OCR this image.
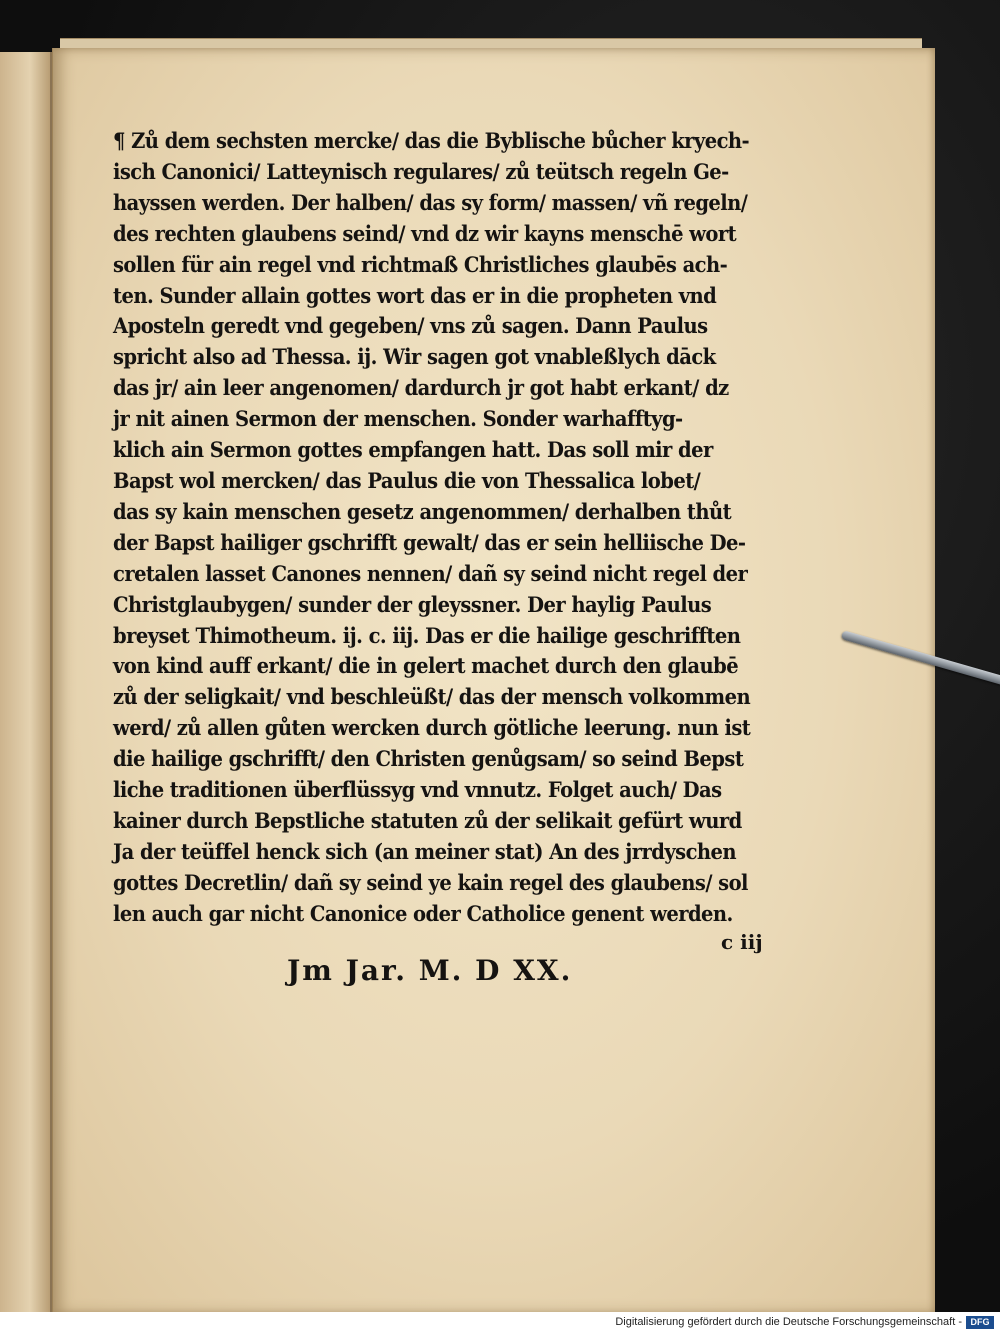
¶ Zů dem sechsten mercke/ das die Byblische bůcher kryech-
isch Canonici/ Latteynisch regulares/ zů teütsch regeln Ge-
hayssen werden. Der halben/ das sy form/ massen/ vñ regeln/
des rechten glaubens seind/ vnd dz wir kayns menschē wort
sollen für ain regel vnd richtmaß Christliches glaubēs ach-
ten. Sunder allain gottes wort das er in die propheten vnd
Aposteln geredt vnd gegeben/ vns zů sagen. Dann Paulus
spricht also ad Thessa. ij. Wir sagen got vnableßlych dāck
das jr/ ain leer angenomen/ dardurch jr got habt erkant/ dz
jr nit ainen Sermon der menschen. Sonder warhafftyg-
klich ain Sermon gottes empfangen hatt. Das soll mir der
Bapst wol mercken/ das Paulus die von Thessalica lobet/
das sy kain menschen gesetz angenommen/ derhalben thůt
der Bapst hailiger gschrifft gewalt/ das er sein helliische De-
cretalen lasset Canones nennen/ dañ sy seind nicht regel der
Christglaubygen/ sunder der gleyssner. Der haylig Paulus
breyset Thimotheum. ij. c. iij. Das er die hailige geschrifften
von kind auff erkant/ die in gelert machet durch den glaubē
zů der seligkait/ vnd beschleüßt/ das der mensch volkommen
werd/ zů allen gůten wercken durch götliche leerung. nun ist
die hailige gschrifft/ den Christen genůgsam/ so seind Bepst
liche traditionen überflüssyg vnd vnnutz. Folget auch/ Das
kainer durch Bepstliche statuten zů der selikait gefürt wurd
Ja der teüffel henck sich (an meiner stat) An des jrrdyschen
gottes Decretlin/ dañ sy seind ye kain regel des glaubens/ sol
len auch gar nicht Canonice oder Catholice genent werden.
c iij
Jm Jar. M. D XX.
Digitalisierung gefördert durch die Deutsche Forschungsgemeinschaft - DFG
